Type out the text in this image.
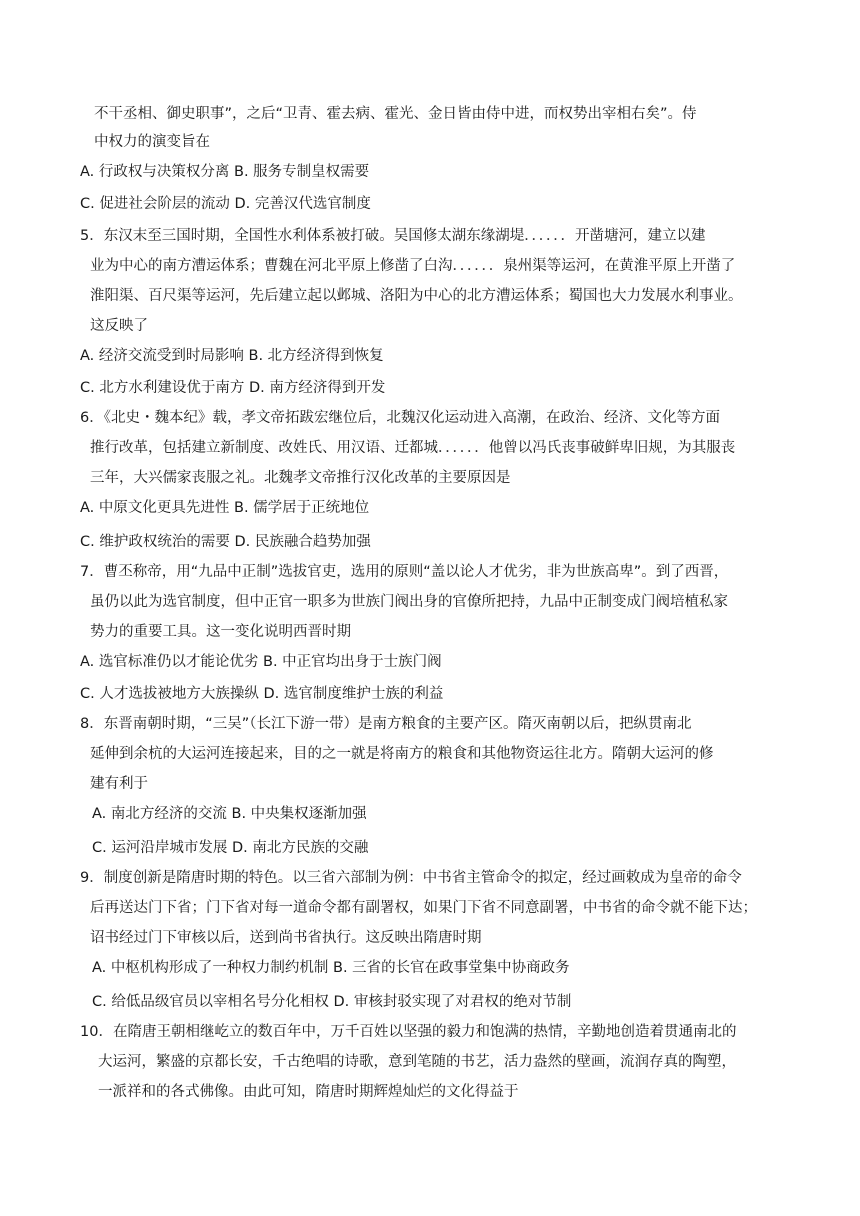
不干丞相、御史职事”，之后“卫青、霍去病、霍光、金日皆由侍中进，而权势出宰相右矣”。侍
中权力的演变旨在
A. 行政权与决策权分离 B. 服务专制皇权需要
C. 促进社会阶层的流动 D. 完善汉代选官制度
5．东汉末至三国时期，全国性水利体系被打破。吴国修太湖东缘湖堤．．．．．．开凿塘河，建立以建
业为中心的南方漕运体系；曹魏在河北平原上修凿了白沟．．．．．．泉州渠等运河，在黄淮平原上开凿了
淮阳渠、百尺渠等运河，先后建立起以邺城、洛阳为中心的北方漕运体系；蜀国也大力发展水利事业。
这反映了
A. 经济交流受到时局影响 B. 北方经济得到恢复
C. 北方水利建设优于南方 D. 南方经济得到开发
6．《北史・魏本纪》载，孝文帝拓跋宏继位后，北魏汉化运动进入高潮，在政治、经济、文化等方面
推行改革，包括建立新制度、改姓氏、用汉语、迁都城．．．．．．他曾以冯氏丧事破鲜卑旧规，为其服丧
三年，大兴儒家丧服之礼。北魏孝文帝推行汉化改革的主要原因是
A. 中原文化更具先进性 B. 儒学居于正统地位
C. 维护政权统治的需要 D. 民族融合趋势加强
7．曹丕称帝，用“九品中正制”选拔官吏，选用的原则“盖以论人才优劣，非为世族高卑”。到了西晋，
虽仍以此为选官制度，但中正官一职多为世族门阀出身的官僚所把持，九品中正制变成门阀培植私家
势力的重要工具。这一变化说明西晋时期
A. 选官标准仍以才能论优劣 B. 中正官均出身于士族门阀
C. 人才选拔被地方大族操纵 D. 选官制度维护士族的利益
8．东晋南朝时期，“三吴”（长江下游一带）是南方粮食的主要产区。隋灭南朝以后，把纵贯南北
延伸到余杭的大运河连接起来，目的之一就是将南方的粮食和其他物资运往北方。隋朝大运河的修
建有利于
A. 南北方经济的交流 B. 中央集权逐渐加强
C. 运河沿岸城市发展 D. 南北方民族的交融
9．制度创新是隋唐时期的特色。以三省六部制为例：中书省主管命令的拟定，经过画敕成为皇帝的命令
后再送达门下省；门下省对每一道命令都有副署权，如果门下省不同意副署，中书省的命令就不能下达；
诏书经过门下审核以后，送到尚书省执行。这反映出隋唐时期
A. 中枢机构形成了一种权力制约机制 B. 三省的长官在政事堂集中协商政务
C. 给低品级官员以宰相名号分化相权 D. 审核封驳实现了对君权的绝对节制
10．在隋唐王朝相继屹立的数百年中，万千百姓以坚强的毅力和饱满的热情，辛勤地创造着贯通南北的
大运河，繁盛的京都长安，千古绝唱的诗歌，意到笔随的书艺，活力盎然的壁画，流润存真的陶塑，
一派祥和的各式佛像。由此可知，隋唐时期辉煌灿烂的文化得益于
